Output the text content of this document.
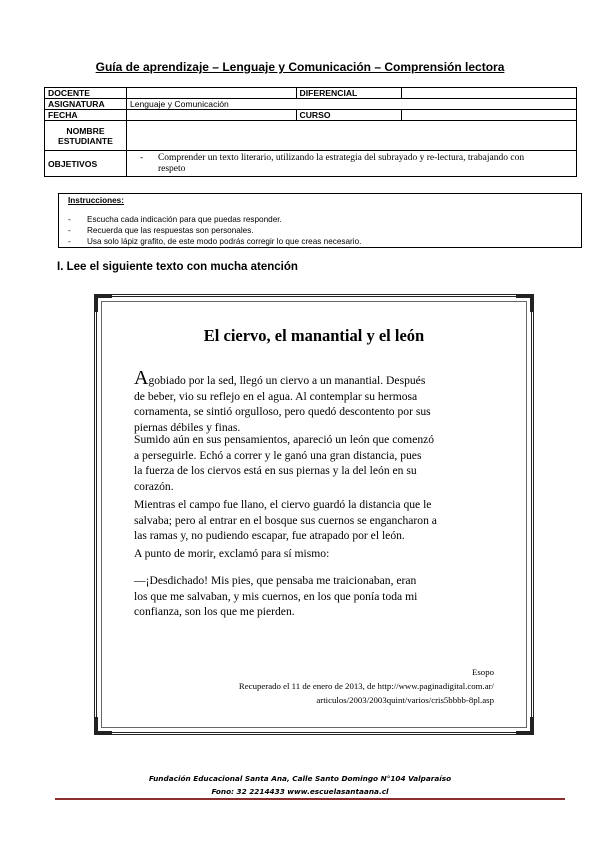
Guía de aprendizaje – Lenguaje y Comunicación – Comprensión lectora
DOCENTE		DIFERENCIAL	
ASIGNATURA	Lenguaje y Comunicación		
FECHA		CURSO	

NOMBRE
ESTUDIANTE			

OBJETIVOS	- Comprender un texto literario, utilizando la estrategia del subrayado y re-lectura, trabajando con
respeto		
Instrucciones:
- Escucha cada indicación para que puedas responder.
- Recuerda que las respuestas son personales.
- Usa solo lápiz grafito, de este modo podrás corregir lo que creas necesario.
I. Lee el siguiente texto con mucha atención
El ciervo, el manantial y el león
Agobiado por la sed, llegó un ciervo a un manantial. Después
de beber, vio su reflejo en el agua. Al contemplar su hermosa
cornamenta, se sintió orgulloso, pero quedó descontento por sus
piernas débiles y finas.
Sumido aún en sus pensamientos, apareció un león que comenzó
a perseguirle. Echó a correr y le ganó una gran distancia, pues
la fuerza de los ciervos está en sus piernas y la del león en su
corazón.
Mientras el campo fue llano, el ciervo guardó la distancia que le
salvaba; pero al entrar en el bosque sus cuernos se engancharon a
las ramas y, no pudiendo escapar, fue atrapado por el león.
A punto de morir, exclamó para sí mismo:
—¡Desdichado! Mis pies, que pensaba me traicionaban, eran
los que me salvaban, y mis cuernos, en los que ponía toda mi
confianza, son los que me pierden.
Esopo
Recuperado el 11 de enero de 2013, de http://www.paginadigital.com.ar/
articulos/2003/2003quint/varios/cris5bbbb-8pl.asp
Fundación Educacional Santa Ana, Calle Santo Domingo N°104 Valparaíso
Fono: 32 2214433 www.escuelasantaana.cl
